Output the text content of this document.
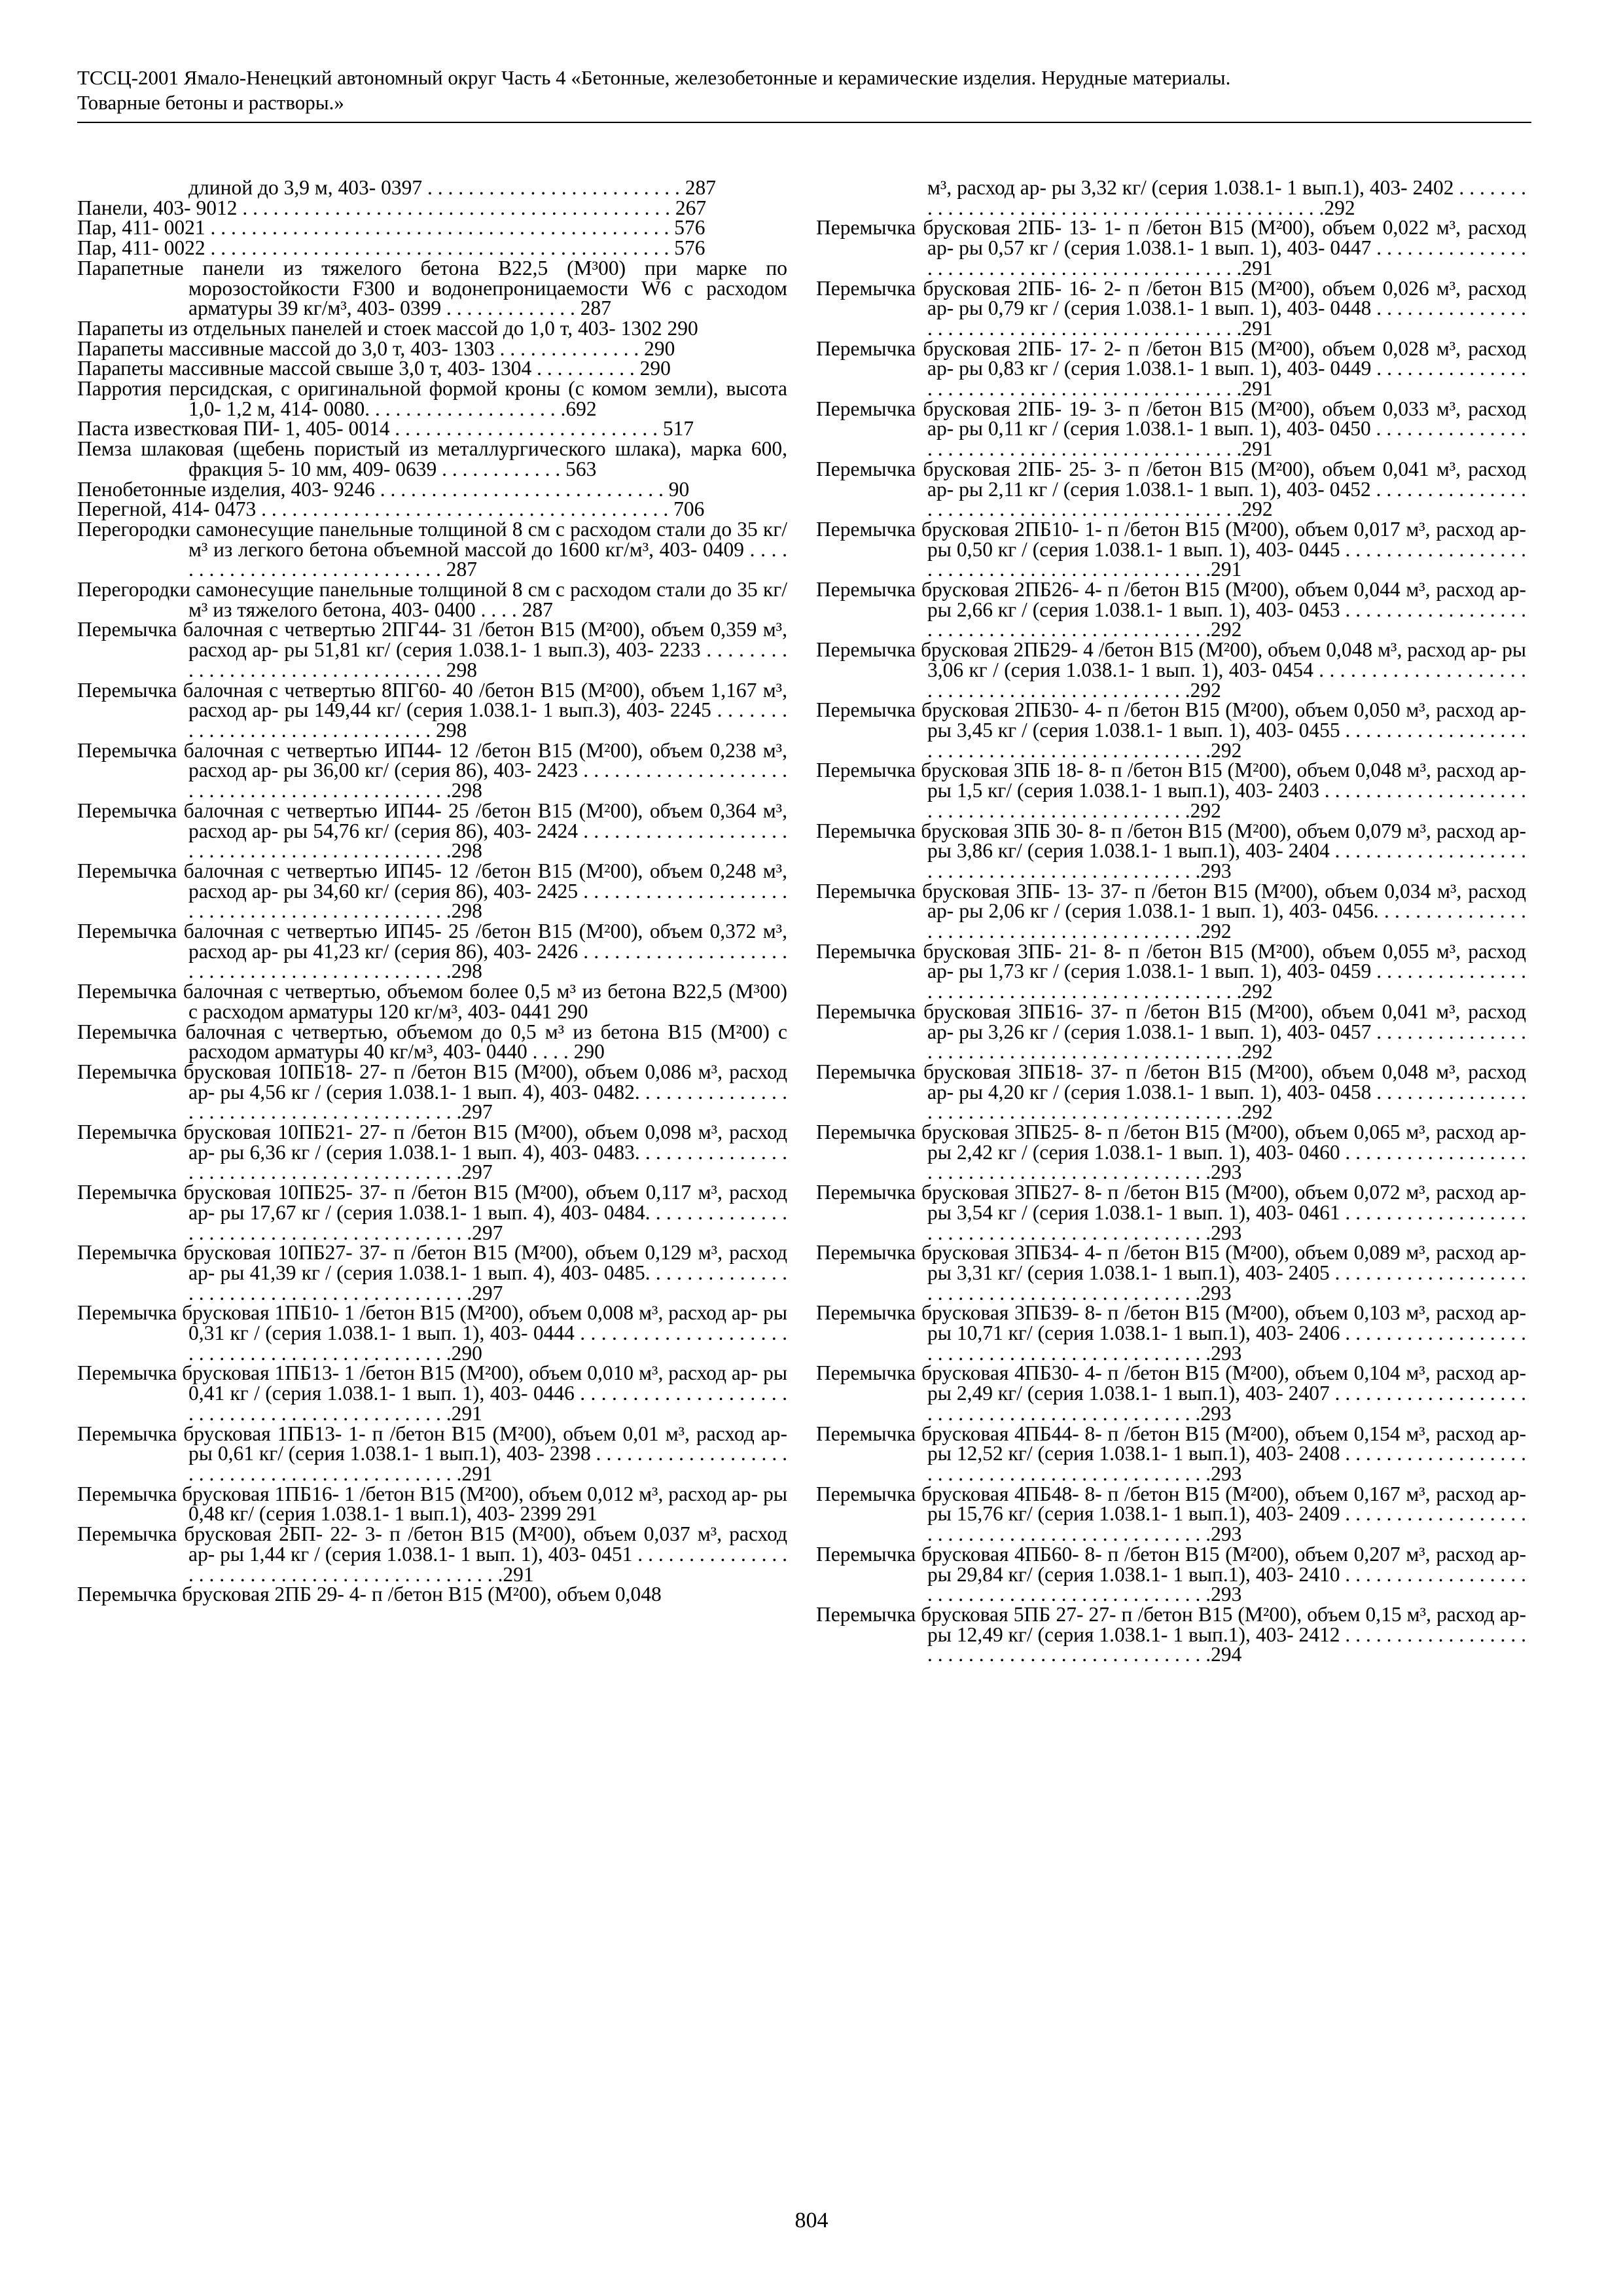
ТССЦ-2001 Ямало-Ненецкий автономный округ Часть 4 «Бетонные, железобетонные и керамические изделия. Нерудные материалы.
Товарные бетоны и растворы.»
длиной до 3,9 м, 403- 0397 . . . . . . . . . . . . . . . . . . . . . . . . . 287
Панели, 403- 9012 . . . . . . . . . . . . . . . . . . . . . . . . . . . . . . . . . . . . . . . . . . 267
Пар, 411- 0021 . . . . . . . . . . . . . . . . . . . . . . . . . . . . . . . . . . . . . . . . . . . . . 576
Пар, 411- 0022 . . . . . . . . . . . . . . . . . . . . . . . . . . . . . . . . . . . . . . . . . . . . . 576
Парапетные панели из тяжелого бетона В22,5 (М³00) при марке по морозостойкости F300 и водонепроницаемости W6 с расходом арматуры 39 кг/м³, 403- 0399 . . . . . . . . . . . . . 287
Парапеты из отдельных панелей и стоек массой до 1,0 т, 403- 1302 290
Парапеты массивные массой до 3,0 т, 403- 1303 . . . . . . . . . . . . . . 290
Парапеты массивные массой свыше 3,0 т, 403- 1304 . . . . . . . . . . 290
Парротия персидская, с оригинальной формой кроны (с комом земли), высота 1,0- 1,2 м, 414- 0080. . . . . . . . . . . . . . . . . . . .692
Паста известковая ПИ- 1, 405- 0014 . . . . . . . . . . . . . . . . . . . . . . . . . . 517
Пемза шлаковая (щебень пористый из металлургического шлака), марка 600, фракция 5- 10 мм, 409- 0639 . . . . . . . . . . . . 563
Пенобетонные изделия, 403- 9246 . . . . . . . . . . . . . . . . . . . . . . . . . . . . 90
Перегной, 414- 0473 . . . . . . . . . . . . . . . . . . . . . . . . . . . . . . . . . . . . . . . . 706
Перегородки самонесущие панельные толщиной 8 см с расходом стали до 35 кг/м³ из легкого бетона объемной массой до 1600 кг/м³, 403- 0409 . . . . . . . . . . . . . . . . . . . . . . . . . . . . . 287
Перегородки самонесущие панельные толщиной 8 см с расходом стали до 35 кг/м³ из тяжелого бетона, 403- 0400 . . . . 287
Перемычка балочная с четвертью 2ПГ44- 31 /бетон В15 (М²00), объем 0,359 м³, расход ар- ры 51,81 кг/ (серия 1.038.1- 1 вып.3), 403- 2233 . . . . . . . . . . . . . . . . . . . . . . . . . . . . . . . . . 298
Перемычка балочная с четвертью 8ПГ60- 40 /бетон В15 (М²00), объем 1,167 м³, расход ар- ры 149,44 кг/ (серия 1.038.1- 1 вып.3), 403- 2245 . . . . . . . . . . . . . . . . . . . . . . . . . . . . . . . 298
Перемычка балочная с четвертью ИП44- 12 /бетон В15 (М²00), объем 0,238 м³, расход ар- ры 36,00 кг/ (серия 86), 403- 2423 . . . . . . . . . . . . . . . . . . . . . . . . . . . . . . . . . . . . . . . . . . . . . .298
Перемычка балочная с четвертью ИП44- 25 /бетон В15 (М²00), объем 0,364 м³, расход ар- ры 54,76 кг/ (серия 86), 403- 2424 . . . . . . . . . . . . . . . . . . . . . . . . . . . . . . . . . . . . . . . . . . . . . .298
Перемычка балочная с четвертью ИП45- 12 /бетон В15 (М²00), объем 0,248 м³, расход ар- ры 34,60 кг/ (серия 86), 403- 2425 . . . . . . . . . . . . . . . . . . . . . . . . . . . . . . . . . . . . . . . . . . . . . .298
Перемычка балочная с четвертью ИП45- 25 /бетон В15 (М²00), объем 0,372 м³, расход ар- ры 41,23 кг/ (серия 86), 403- 2426 . . . . . . . . . . . . . . . . . . . . . . . . . . . . . . . . . . . . . . . . . . . . . .298
Перемычка балочная с четвертью, объемом более 0,5 м³ из бетона В22,5 (М³00) с расходом арматуры 120 кг/м³, 403- 0441 290
Перемычка балочная с четвертью, объемом до 0,5 м³ из бетона В15 (М²00) с расходом арматуры 40 кг/м³, 403- 0440 . . . . 290
Перемычка брусковая 10ПБ18- 27- п /бетон В15 (М²00), объем 0,086 м³, расход ар- ры 4,56 кг / (серия 1.038.1- 1 вып. 4), 403- 0482. . . . . . . . . . . . . . . . . . . . . . . . . . . . . . . . . . . . . . . . . .297
Перемычка брусковая 10ПБ21- 27- п /бетон В15 (М²00), объем 0,098 м³, расход ар- ры 6,36 кг / (серия 1.038.1- 1 вып. 4), 403- 0483. . . . . . . . . . . . . . . . . . . . . . . . . . . . . . . . . . . . . . . . . .297
Перемычка брусковая 10ПБ25- 37- п /бетон В15 (М²00), объем 0,117 м³, расход ар- ры 17,67 кг / (серия 1.038.1- 1 вып. 4), 403- 0484. . . . . . . . . . . . . . . . . . . . . . . . . . . . . . . . . . . . . . . . . .297
Перемычка брусковая 10ПБ27- 37- п /бетон В15 (М²00), объем 0,129 м³, расход ар- ры 41,39 кг / (серия 1.038.1- 1 вып. 4), 403- 0485. . . . . . . . . . . . . . . . . . . . . . . . . . . . . . . . . . . . . . . . . .297
Перемычка брусковая 1ПБ10- 1 /бетон В15 (М²00), объем 0,008 м³, расход ар- ры 0,31 кг / (серия 1.038.1- 1 вып. 1), 403- 0444 . . . . . . . . . . . . . . . . . . . . . . . . . . . . . . . . . . . . . . . . . . . . . .290
Перемычка брусковая 1ПБ13- 1 /бетон В15 (М²00), объем 0,010 м³, расход ар- ры 0,41 кг / (серия 1.038.1- 1 вып. 1), 403- 0446 . . . . . . . . . . . . . . . . . . . . . . . . . . . . . . . . . . . . . . . . . . . . . .291
Перемычка брусковая 1ПБ13- 1- п /бетон В15 (М²00), объем 0,01 м³, расход ар- ры 0,61 кг/ (серия 1.038.1- 1 вып.1), 403- 2398 . . . . . . . . . . . . . . . . . . . . . . . . . . . . . . . . . . . . . . . . . . . . . .291
Перемычка брусковая 1ПБ16- 1 /бетон В15 (М²00), объем 0,012 м³, расход ар- ры 0,48 кг/ (серия 1.038.1- 1 вып.1), 403- 2399 291
Перемычка брусковая 2БП- 22- 3- п /бетон В15 (М²00), объем 0,037 м³, расход ар- ры 1,44 кг / (серия 1.038.1- 1 вып. 1), 403- 0451 . . . . . . . . . . . . . . . . . . . . . . . . . . . . . . . . . . . . . . . . . . . . . .291
Перемычка брусковая 2ПБ 29- 4- п /бетон В15 (М²00), объем 0,048
м³, расход ар- ры 3,32 кг/ (серия 1.038.1- 1 вып.1), 403- 2402 . . . . . . . . . . . . . . . . . . . . . . . . . . . . . . . . . . . . . . . . . . . . . .292
Перемычка брусковая 2ПБ- 13- 1- п /бетон В15 (М²00), объем 0,022 м³, расход ар- ры 0,57 кг / (серия 1.038.1- 1 вып. 1), 403- 0447 . . . . . . . . . . . . . . . . . . . . . . . . . . . . . . . . . . . . . . . . . . . . . .291
Перемычка брусковая 2ПБ- 16- 2- п /бетон В15 (М²00), объем 0,026 м³, расход ар- ры 0,79 кг / (серия 1.038.1- 1 вып. 1), 403- 0448 . . . . . . . . . . . . . . . . . . . . . . . . . . . . . . . . . . . . . . . . . . . . . .291
Перемычка брусковая 2ПБ- 17- 2- п /бетон В15 (М²00), объем 0,028 м³, расход ар- ры 0,83 кг / (серия 1.038.1- 1 вып. 1), 403- 0449 . . . . . . . . . . . . . . . . . . . . . . . . . . . . . . . . . . . . . . . . . . . . . .291
Перемычка брусковая 2ПБ- 19- 3- п /бетон В15 (М²00), объем 0,033 м³, расход ар- ры 0,11 кг / (серия 1.038.1- 1 вып. 1), 403- 0450 . . . . . . . . . . . . . . . . . . . . . . . . . . . . . . . . . . . . . . . . . . . . . .291
Перемычка брусковая 2ПБ- 25- 3- п /бетон В15 (М²00), объем 0,041 м³, расход ар- ры 2,11 кг / (серия 1.038.1- 1 вып. 1), 403- 0452 . . . . . . . . . . . . . . . . . . . . . . . . . . . . . . . . . . . . . . . . . . . . . .292
Перемычка брусковая 2ПБ10- 1- п /бетон В15 (М²00), объем 0,017 м³, расход ар- ры 0,50 кг / (серия 1.038.1- 1 вып. 1), 403- 0445 . . . . . . . . . . . . . . . . . . . . . . . . . . . . . . . . . . . . . . . . . . . . . .291
Перемычка брусковая 2ПБ26- 4- п /бетон В15 (М²00), объем 0,044 м³, расход ар- ры 2,66 кг / (серия 1.038.1- 1 вып. 1), 403- 0453 . . . . . . . . . . . . . . . . . . . . . . . . . . . . . . . . . . . . . . . . . . . . . .292
Перемычка брусковая 2ПБ29- 4 /бетон В15 (М²00), объем 0,048 м³, расход ар- ры 3,06 кг / (серия 1.038.1- 1 вып. 1), 403- 0454 . . . . . . . . . . . . . . . . . . . . . . . . . . . . . . . . . . . . . . . . . . . . . .292
Перемычка брусковая 2ПБ30- 4- п /бетон В15 (М²00), объем 0,050 м³, расход ар- ры 3,45 кг / (серия 1.038.1- 1 вып. 1), 403- 0455 . . . . . . . . . . . . . . . . . . . . . . . . . . . . . . . . . . . . . . . . . . . . . .292
Перемычка брусковая 3ПБ 18- 8- п /бетон В15 (М²00), объем 0,048 м³, расход ар- ры 1,5 кг/ (серия 1.038.1- 1 вып.1), 403- 2403 . . . . . . . . . . . . . . . . . . . . . . . . . . . . . . . . . . . . . . . . . . . . . .292
Перемычка брусковая 3ПБ 30- 8- п /бетон В15 (М²00), объем 0,079 м³, расход ар- ры 3,86 кг/ (серия 1.038.1- 1 вып.1), 403- 2404 . . . . . . . . . . . . . . . . . . . . . . . . . . . . . . . . . . . . . . . . . . . . . .293
Перемычка брусковая 3ПБ- 13- 37- п /бетон В15 (М²00), объем 0,034 м³, расход ар- ры 2,06 кг / (серия 1.038.1- 1 вып. 1), 403- 0456. . . . . . . . . . . . . . . . . . . . . . . . . . . . . . . . . . . . . . . . . .292
Перемычка брусковая 3ПБ- 21- 8- п /бетон В15 (М²00), объем 0,055 м³, расход ар- ры 1,73 кг / (серия 1.038.1- 1 вып. 1), 403- 0459 . . . . . . . . . . . . . . . . . . . . . . . . . . . . . . . . . . . . . . . . . . . . . .292
Перемычка брусковая 3ПБ16- 37- п /бетон В15 (М²00), объем 0,041 м³, расход ар- ры 3,26 кг / (серия 1.038.1- 1 вып. 1), 403- 0457 . . . . . . . . . . . . . . . . . . . . . . . . . . . . . . . . . . . . . . . . . . . . . .292
Перемычка брусковая 3ПБ18- 37- п /бетон В15 (М²00), объем 0,048 м³, расход ар- ры 4,20 кг / (серия 1.038.1- 1 вып. 1), 403- 0458 . . . . . . . . . . . . . . . . . . . . . . . . . . . . . . . . . . . . . . . . . . . . . .292
Перемычка брусковая 3ПБ25- 8- п /бетон В15 (М²00), объем 0,065 м³, расход ар- ры 2,42 кг / (серия 1.038.1- 1 вып. 1), 403- 0460 . . . . . . . . . . . . . . . . . . . . . . . . . . . . . . . . . . . . . . . . . . . . . .293
Перемычка брусковая 3ПБ27- 8- п /бетон В15 (М²00), объем 0,072 м³, расход ар- ры 3,54 кг / (серия 1.038.1- 1 вып. 1), 403- 0461 . . . . . . . . . . . . . . . . . . . . . . . . . . . . . . . . . . . . . . . . . . . . . .293
Перемычка брусковая 3ПБ34- 4- п /бетон В15 (М²00), объем 0,089 м³, расход ар- ры 3,31 кг/ (серия 1.038.1- 1 вып.1), 403- 2405 . . . . . . . . . . . . . . . . . . . . . . . . . . . . . . . . . . . . . . . . . . . . . .293
Перемычка брусковая 3ПБ39- 8- п /бетон В15 (М²00), объем 0,103 м³, расход ар- ры 10,71 кг/ (серия 1.038.1- 1 вып.1), 403- 2406 . . . . . . . . . . . . . . . . . . . . . . . . . . . . . . . . . . . . . . . . . . . . . .293
Перемычка брусковая 4ПБ30- 4- п /бетон В15 (М²00), объем 0,104 м³, расход ар- ры 2,49 кг/ (серия 1.038.1- 1 вып.1), 403- 2407 . . . . . . . . . . . . . . . . . . . . . . . . . . . . . . . . . . . . . . . . . . . . . .293
Перемычка брусковая 4ПБ44- 8- п /бетон В15 (М²00), объем 0,154 м³, расход ар- ры 12,52 кг/ (серия 1.038.1- 1 вып.1), 403- 2408 . . . . . . . . . . . . . . . . . . . . . . . . . . . . . . . . . . . . . . . . . . . . . .293
Перемычка брусковая 4ПБ48- 8- п /бетон В15 (М²00), объем 0,167 м³, расход ар- ры 15,76 кг/ (серия 1.038.1- 1 вып.1), 403- 2409 . . . . . . . . . . . . . . . . . . . . . . . . . . . . . . . . . . . . . . . . . . . . . .293
Перемычка брусковая 4ПБ60- 8- п /бетон В15 (М²00), объем 0,207 м³, расход ар- ры 29,84 кг/ (серия 1.038.1- 1 вып.1), 403- 2410 . . . . . . . . . . . . . . . . . . . . . . . . . . . . . . . . . . . . . . . . . . . . . .293
Перемычка брусковая 5ПБ 27- 27- п /бетон В15 (М²00), объем 0,15 м³, расход ар- ры 12,49 кг/ (серия 1.038.1- 1 вып.1), 403- 2412 . . . . . . . . . . . . . . . . . . . . . . . . . . . . . . . . . . . . . . . . . . . . . .294
804
